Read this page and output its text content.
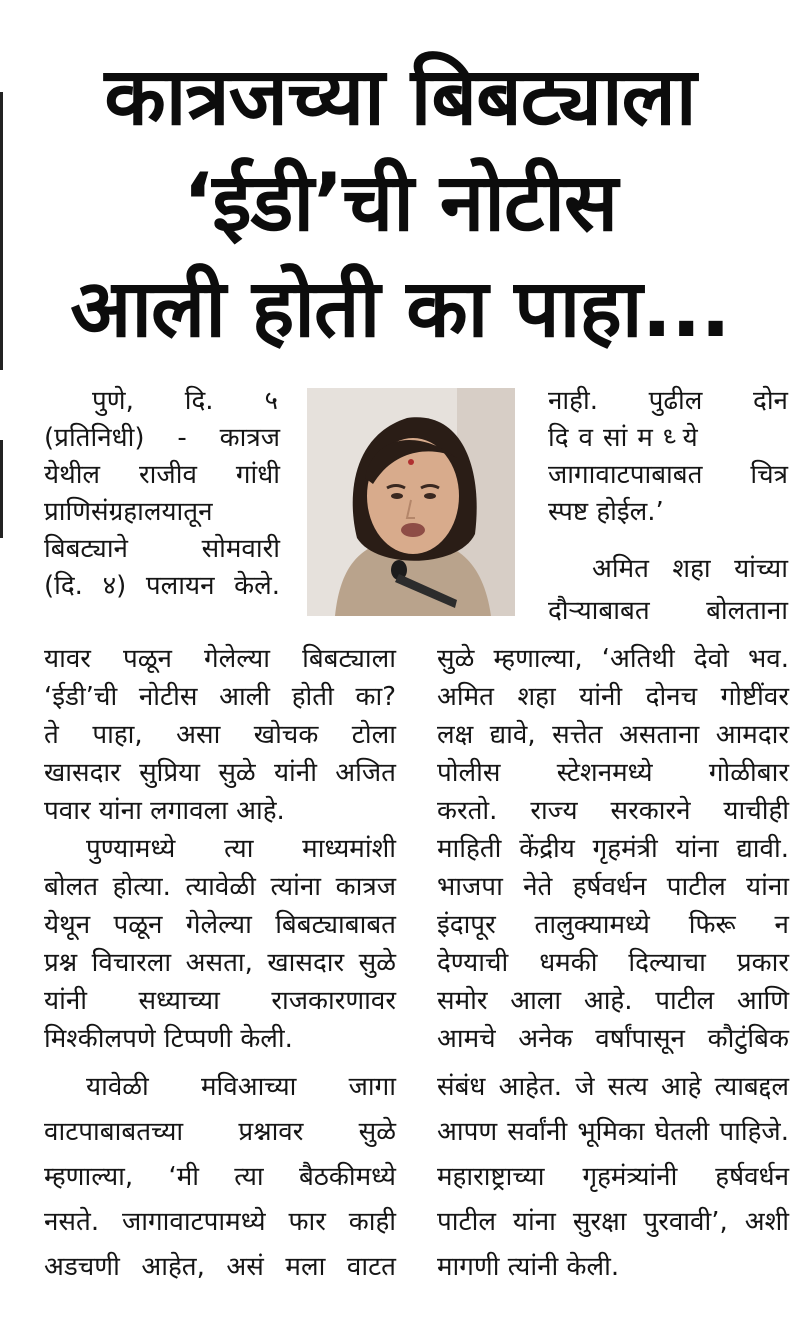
कात्रजच्या बिबट्याला
‘ईडी’ची नोटीस
आली होती का पाहा...
पुणे, दि. ५
(प्रतिनिधी) - कात्रज
येथील राजीव गांधी
प्राणिसंग्रहालयातून
बिबट्याने सोमवारी
(दि. ४) पलायन केले.
यावर पळून गेलेल्या बिबट्याला
‘ईडी’ची नोटीस आली होती का?
ते पाहा, असा खोचक टोला
खासदार सुप्रिया सुळे यांनी अजित
पवार यांना लगावला आहे.
पुण्यामध्ये त्या माध्यमांशी
बोलत होत्या. त्यावेळी त्यांना कात्रज
येथून पळून गेलेल्या बिबट्याबाबत
प्रश्न विचारला असता, खासदार सुळे
यांनी सध्याच्या राजकारणावर
मिश्कीलपणे टिप्पणी केली.
यावेळी मविआच्या जागा
वाटपाबाबतच्या प्रश्नावर सुळे
म्हणाल्या, ‘मी त्या बैठकीमध्ये
नसते. जागावाटपामध्ये फार काही
अडचणी आहेत, असं मला वाटत
नाही. पुढील दोन
दिवसांमध्ये
जागावाटपाबाबत चित्र
स्पष्ट होईल.’
अमित शहा यांच्या
दौऱ्याबाबत बोलताना
सुळे म्हणाल्या, ‘अतिथी देवो भव.
अमित शहा यांनी दोनच गोष्टींवर
लक्ष द्यावे, सत्तेत असताना आमदार
पोलीस स्टेशनमध्ये गोळीबार
करतो. राज्य सरकारने याचीही
माहिती केंद्रीय गृहमंत्री यांना द्यावी.
भाजपा नेते हर्षवर्धन पाटील यांना
इंदापूर तालुक्यामध्ये फिरू न
देण्याची धमकी दिल्याचा प्रकार
समोर आला आहे. पाटील आणि
आमचे अनेक वर्षांपासून कौटुंबिक
संबंध आहेत. जे सत्य आहे त्याबद्दल
आपण सर्वांनी भूमिका घेतली पाहिजे.
महाराष्ट्राच्या गृहमंत्र्यांनी हर्षवर्धन
पाटील यांना सुरक्षा पुरवावी’, अशी
मागणी त्यांनी केली.
